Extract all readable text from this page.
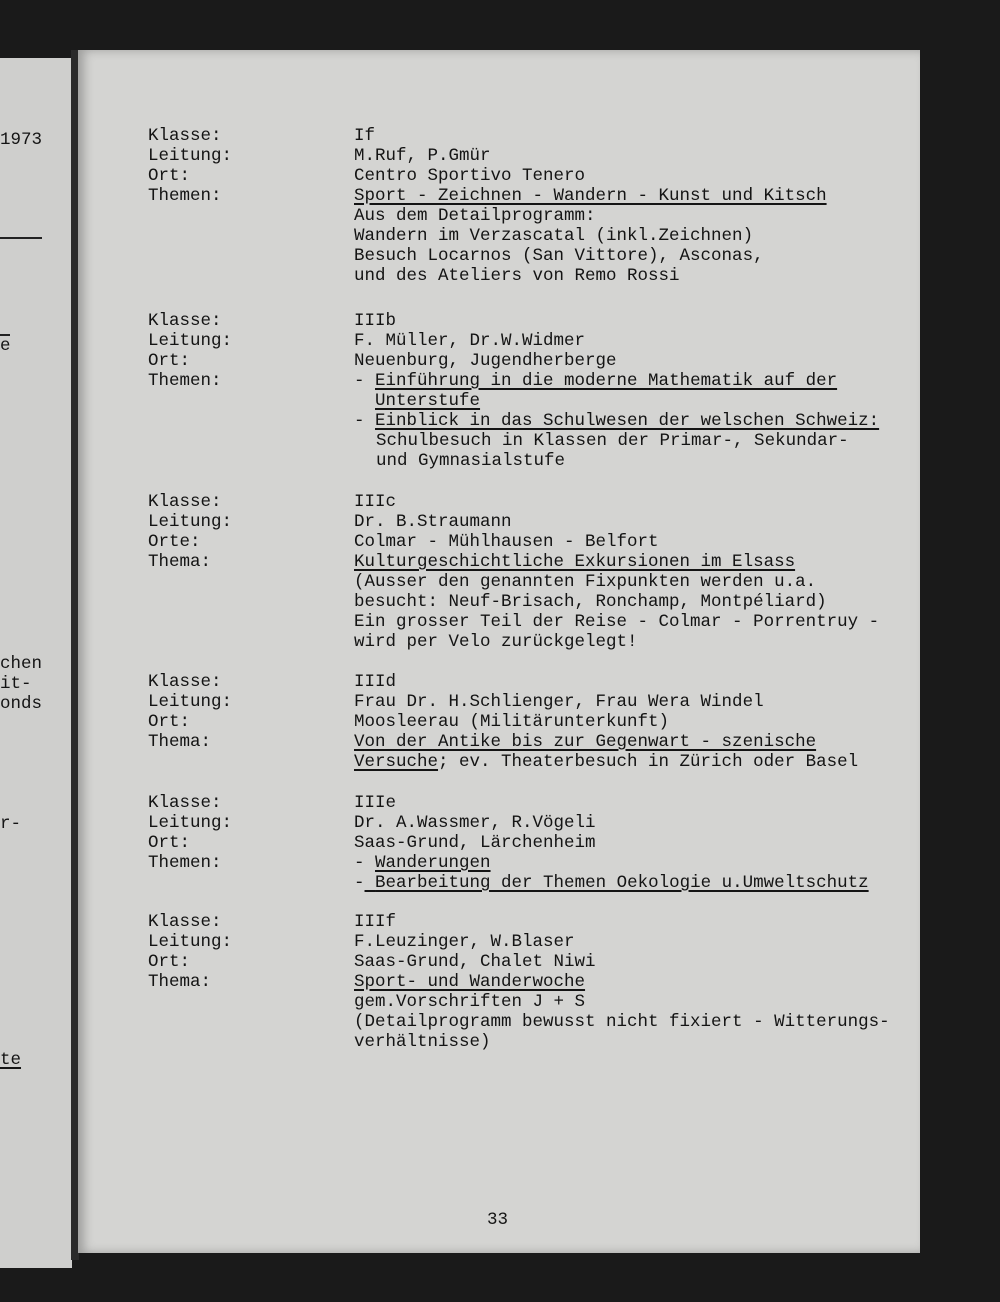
1973
e
chen
it-
onds
r-
te
Klasse:	If
Leitung:	M.Ruf, P.Gmür
Ort:	Centro Sportivo Tenero
Themen:	Sport - Zeichnen - Wandern - Kunst und Kitsch
Aus dem Detailprogramm:
Wandern im Verzascatal (inkl.Zeichnen)
Besuch Locarnos (San Vittore), Asconas,
und des Ateliers von Remo Rossi
Klasse:	IIIb
Leitung:	F. Müller, Dr.W.Widmer
Ort:	Neuenburg, Jugendherberge
Themen:	- Einführung in die moderne Mathematik auf der
Unterstufe
- Einblick in das Schulwesen der welschen Schweiz:
Schulbesuch in Klassen der Primar-, Sekundar-
und Gymnasialstufe
Klasse:	IIIc
Leitung:	Dr. B.Straumann
Orte:	Colmar - Mühlhausen - Belfort
Thema:	Kulturgeschichtliche Exkursionen im Elsass
(Ausser den genannten Fixpunkten werden u.a.
besucht: Neuf-Brisach, Ronchamp, Montpéliard)
Ein grosser Teil der Reise - Colmar - Porrentruy -
wird per Velo zurückgelegt!
Klasse:	IIId
Leitung:	Frau Dr. H.Schlienger, Frau Wera Windel
Ort:	Moosleerau (Militärunterkunft)
Thema:	Von der Antike bis zur Gegenwart - szenische
Versuche; ev. Theaterbesuch in Zürich oder Basel
Klasse:	IIIe
Leitung:	Dr. A.Wassmer, R.Vögeli
Ort:	Saas-Grund, Lärchenheim
Themen:	- Wanderungen
- Bearbeitung der Themen Oekologie u.Umweltschutz
Klasse:	IIIf
Leitung:	F.Leuzinger, W.Blaser
Ort:	Saas-Grund, Chalet Niwi
Thema:	Sport- und Wanderwoche
gem.Vorschriften J + S
(Detailprogramm bewusst nicht fixiert - Witterungs-
verhältnisse)
33
